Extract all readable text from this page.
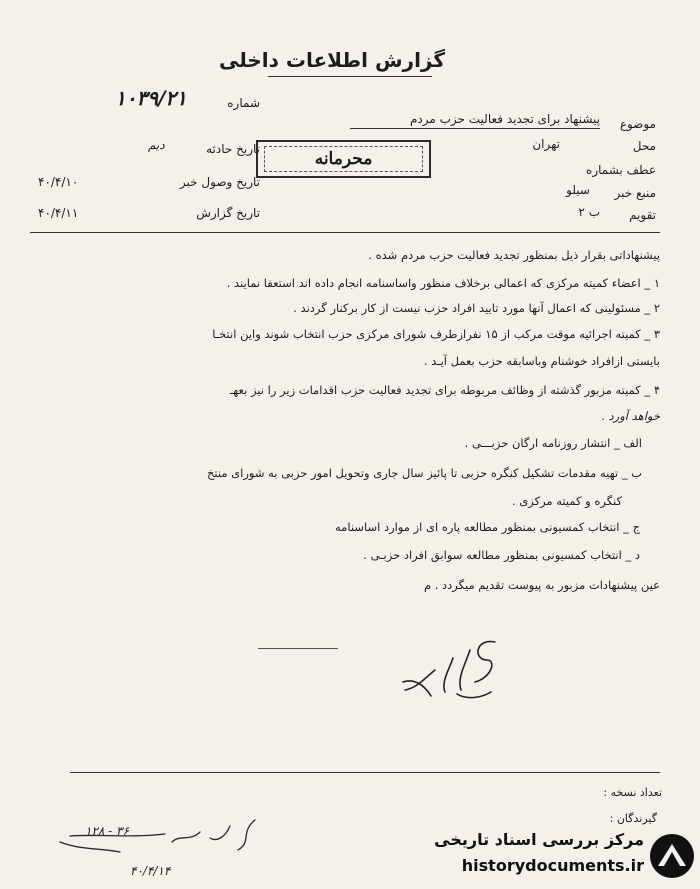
گزارش اطلاعات داخلی
شماره
۱۰۳۹/۲۱
تاریخ حادثه
دیم
تاریخ وصول خبر
۴۰/۴/۱۰
تاریخ گزارش
۴۰/۴/۱۱
موضوع
پیشنهاد برای تجدید فعالیت حزب مردم
محل
تهران
عطف بشماره
منبع خبر
سیلو
تقویم
ب ۲
محرمانه
پیشنهاداتی بقرار ذیل بمنظور تجدید فعالیت حزب مردم شده .
۱ _ اعضاء کمیته مرکزی که اعمالی برخلاف منظور واساسنامه انجام داده اند استعفا نمایند .
۲ _ مسئولینی که اعمال آنها مورد تایید افراد حزب نیست از کار برکنار گردند .
۳ _ کمیته اجرائیه موقت مرکب از ۱۵ نفرازطرف شورای مرکزی حزب انتخاب شوند واین انتخـا
بایستی ازافراد خوشنام وباسابقه حزب بعمل آیـد .
۴ _ کمیته مزبور گذشته از وظائف مربوطه برای تجدید فعالیت حزب اقدامات زیر را نیز بعهـ
خواهد آورد .
الف _ انتشار روزنامه ارگان حزبـــی .
ب _ تهیه مقدمات تشکیل کنگره حزبی تا پائیز سال جاری وتحویل امور حزبی به شورای منتخ
کنگره و کمیته مرکزی .
ج _ انتخاب کمسیونی بمنظور مطالعه پاره ای از موارد اساسنامه
د _ انتخاب کمسیونی بمنظور مطالعه سوابق افراد حزبـی .
عین پیشنهادات مزبور به پیوست تقدیم میگردد . م
تعداد نسخه :
گیرندگان :
۱۲۸ - ۳۶
۴۰/۴/۱۴
مرکز بررسی اسناد تاریخی
historydocuments.ir
